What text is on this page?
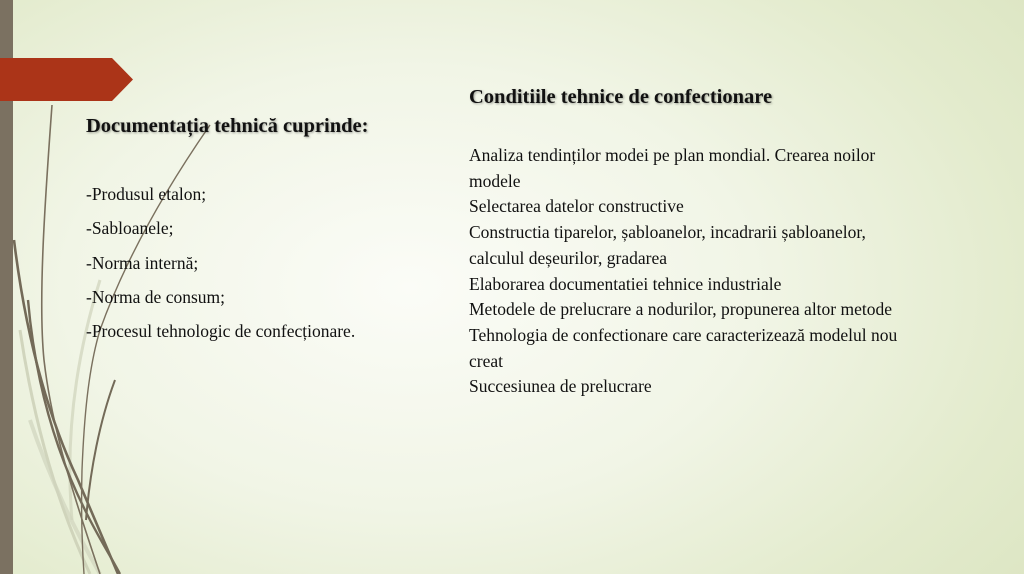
Documentația tehnică cuprinde:
-Produsul etalon;
-Sabloanele;
-Norma internă;
-Norma de consum;
-Procesul tehnologic de confecționare.
Conditiile tehnice de confectionare
Analiza tendinților modei pe plan mondial. Crearea noilor
modele
Selectarea datelor constructive
Constructia tiparelor, șabloanelor, incadrarii șabloanelor,
calculul deșeurilor, gradarea
Elaborarea documentatiei tehnice industriale
Metodele de prelucrare a nodurilor, propunerea altor metode
Tehnologia de confectionare care caracterizează modelul nou
creat
Succesiunea de prelucrare
